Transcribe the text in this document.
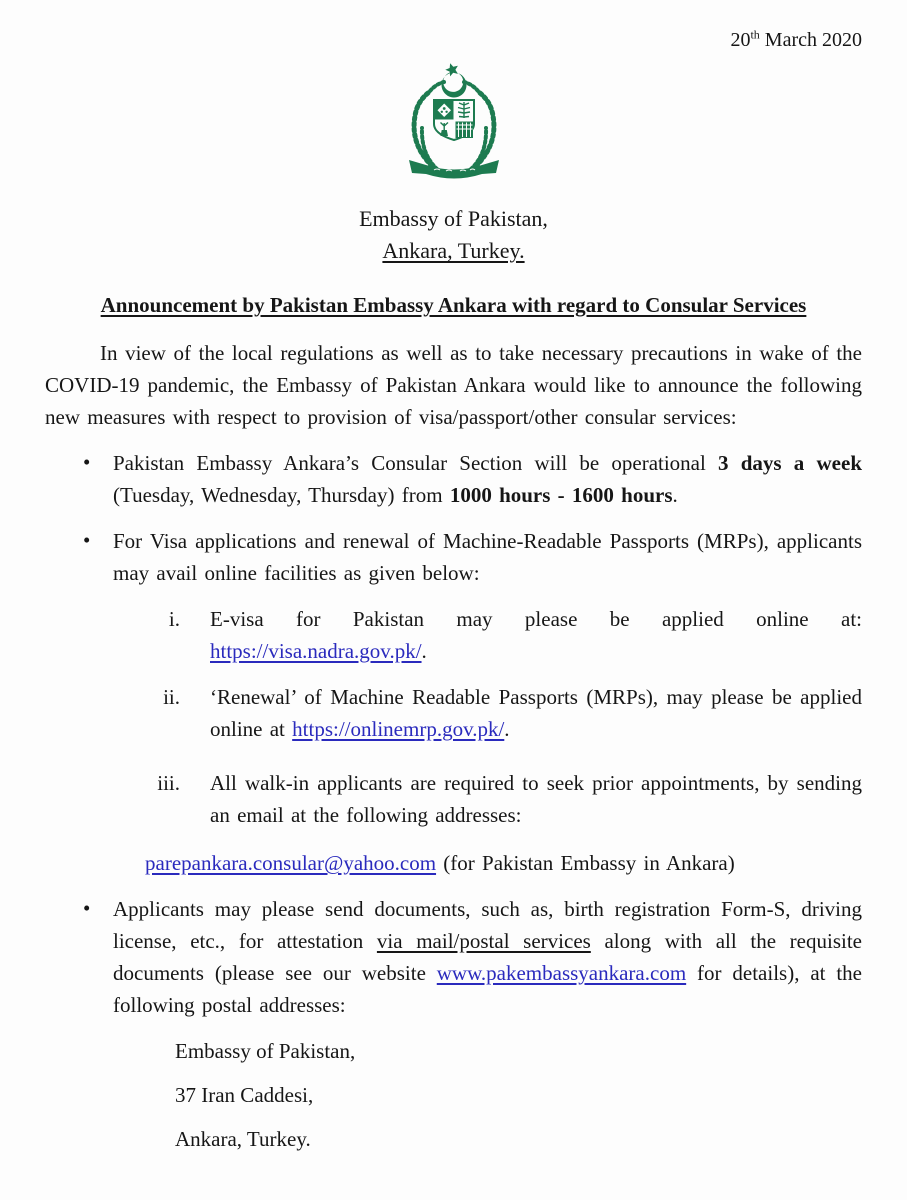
20th March 2020
Embassy of Pakistan,
Ankara, Turkey.
Announcement by Pakistan Embassy Ankara with regard to Consular Services

In view of the local regulations as well as to take necessary precautions in wake of the COVID-19 pandemic, the Embassy of Pakistan Ankara would like to announce the following new measures with respect to provision of visa/passport/other consular services:

• Pakistan Embassy Ankara’s Consular Section will be operational 3 days a week (Tuesday, Wednesday, Thursday) from 1000 hours - 1600 hours.
• For Visa applications and renewal of Machine-Readable Passports (MRPs), applicants may avail online facilities as given below:
i. E-visa for Pakistan may please be applied online at: https://visa.nadra.gov.pk/.
ii. ‘Renewal’ of Machine Readable Passports (MRPs), may please be applied online at https://onlinemrp.gov.pk/.
iii. All walk-in applicants are required to seek prior appointments, by sending an email at the following addresses:

parepankara.consular@yahoo.com (for Pakistan Embassy in Ankara)

• Applicants may please send documents, such as, birth registration Form-S, driving license, etc., for attestation via mail/postal services along with all the requisite documents (please see our website www.pakembassyankara.com for details), at the following postal addresses:
Embassy of Pakistan,
37 Iran Caddesi,
Ankara, Turkey.
